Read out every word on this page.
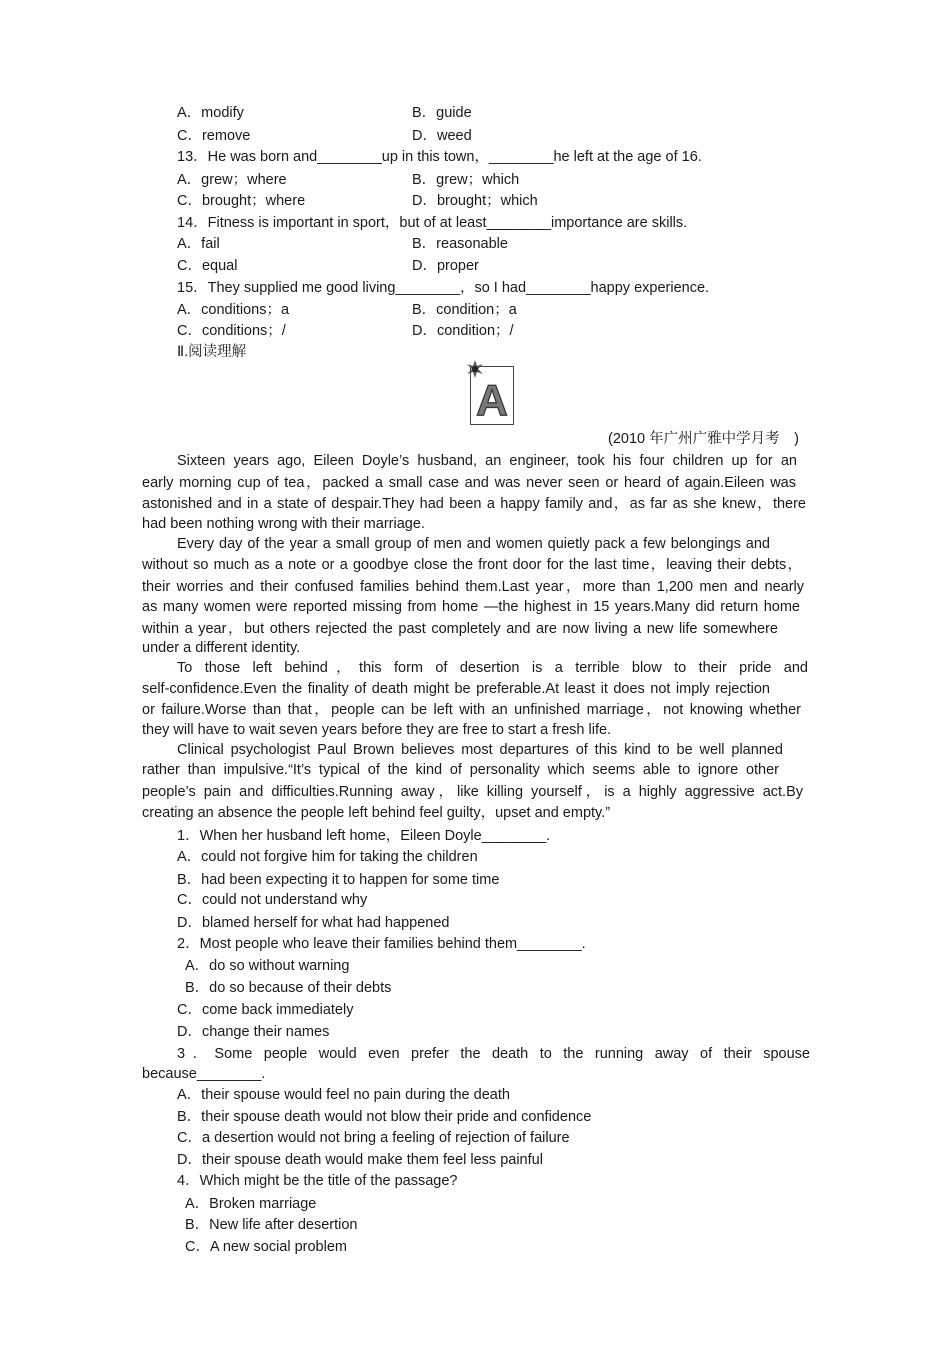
A．modify	B．guide
C．remove	D．weed
13．He was born and________up in this town，________he left at the age of 16.
A．grew；where	B．grew；which
C．brought；where	D．brought；which
14．Fitness is important in sport，but of at least________importance are skills.
A．fail	B．reasonable
C．equal	D．proper
15．They supplied me good living________，so I had________happy experience.
A．conditions；a	B．condition；a
C．conditions；/	D．condition；/
Ⅱ.阅读理解
A
(2010 年广州广雅中学月考　)
Sixteen years ago, Eileen Doyle’s husband, an engineer, took his four children up for an
early morning cup of tea，packed a small case and was never seen or heard of again.Eileen was
astonished and in a state of despair.They had been a happy family and，as far as she knew，there
had been nothing wrong with their marriage.
Every day of the year a small group of men and women quietly pack a few belongings and
without so much as a note or a goodbye close the front door for the last time，leaving their debts，
their worries and their confused families behind them.Last year，more than 1,200 men and nearly
as many women were reported missing from home —the highest in 15 years.Many did return home
within a year，but others rejected the past completely and are now living a new life somewhere
under a different identity.
To those left behind，this form of desertion is a terrible blow to their pride and
self-confidence.Even the finality of death might be preferable.At least it does not imply rejection
or failure.Worse than that，people can be left with an unfinished marriage，not knowing whether
they will have to wait seven years before they are free to start a fresh life.
Clinical psychologist Paul Brown believes most departures of this kind to be well planned
rather than impulsive.“It’s typical of the kind of personality which seems able to ignore other
people’s pain and difficulties.Running away，like killing yourself，is a highly aggressive act.By
creating an absence the people left behind feel guilty，upset and empty.”
1．When her husband left home，Eileen Doyle________.
A．could not forgive him for taking the children
B．had been expecting it to happen for some time
C．could not understand why
D．blamed herself for what had happened
2．Most people who leave their families behind them________.
A．do so without warning
B．do so because of their debts
C．come back immediately
D．change their names
3．Some people would even prefer the death to the running away of their spouse
because________.
A．their spouse would feel no pain during the death
B．their spouse death would not blow their pride and confidence
C．a desertion would not bring a feeling of rejection of failure
D．their spouse death would make them feel less painful
4．Which might be the title of the passage?
A．Broken marriage
B．New life after desertion
C．A new social problem
